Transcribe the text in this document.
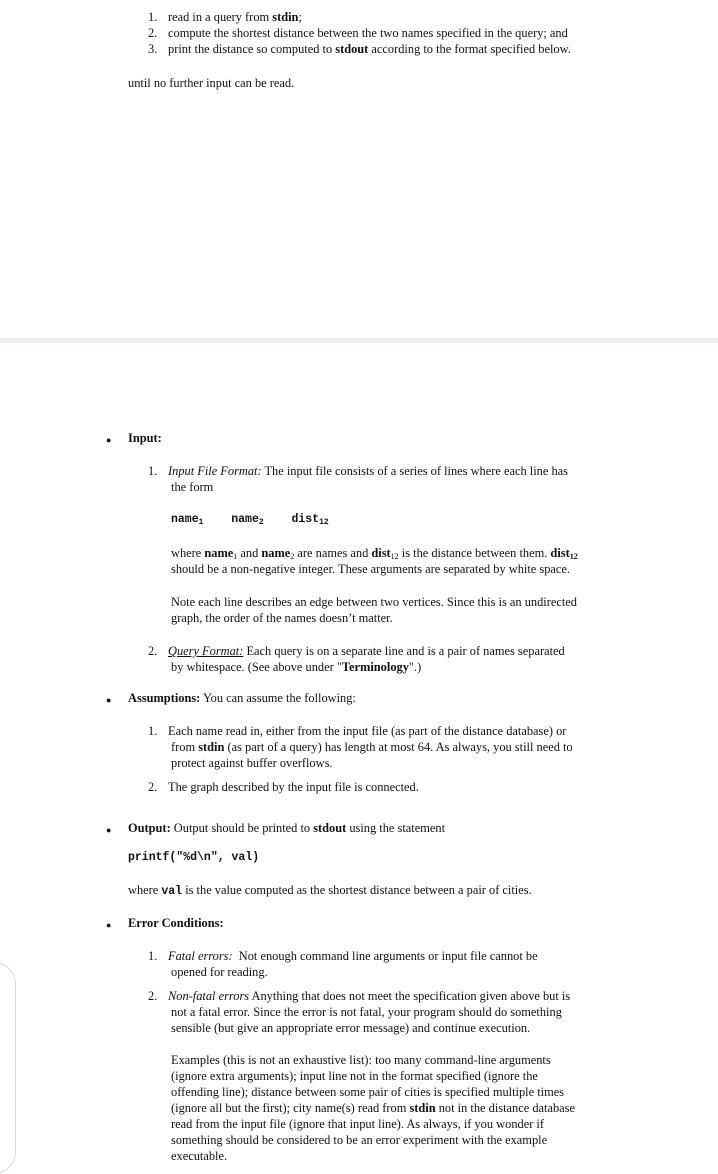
1. read in a query from stdin;
2. compute the shortest distance between the two names specified in the query; and
3. print the distance so computed to stdout according to the format specified below.
until no further input can be read.
● Input:
1. Input File Format: The input file consists of a series of lines where each line has
the form
name$_1$ name$_2$ dist$_{12}$
where name$_1$ and name$_2$ are names and dist$_{12}$ is the distance between them. dist$_{12}$
should be a non-negative integer. These arguments are separated by white space.
Note each line describes an edge between two vertices. Since this is an undirected
graph, the order of the names doesn’t matter.
2. Query Format: Each query is on a separate line and is a pair of names separated
by whitespace. (See above under "Terminology".)
● Assumptions: You can assume the following:
1. Each name read in, either from the input file (as part of the distance database) or
from stdin (as part of a query) has length at most 64. As always, you still need to
protect against buffer overflows.
2. The graph described by the input file is connected.
● Output: Output should be printed to stdout using the statement
printf("%d\n", val)
where val is the value computed as the shortest distance between a pair of cities.
● Error Conditions:
1. Fatal errors:  Not enough command line arguments or input file cannot be
opened for reading.
2. Non-fatal errors Anything that does not meet the specification given above but is
not a fatal error. Since the error is not fatal, your program should do something
sensible (but give an appropriate error message) and continue execution.
Examples (this is not an exhaustive list): too many command-line arguments
(ignore extra arguments); input line not in the format specified (ignore the
offending line); distance between some pair of cities is specified multiple times
(ignore all but the first); city name(s) read from stdin not in the distance database
read from the input file (ignore that input line). As always, if you wonder if
something should be considered to be an error experiment with the example
executable.
